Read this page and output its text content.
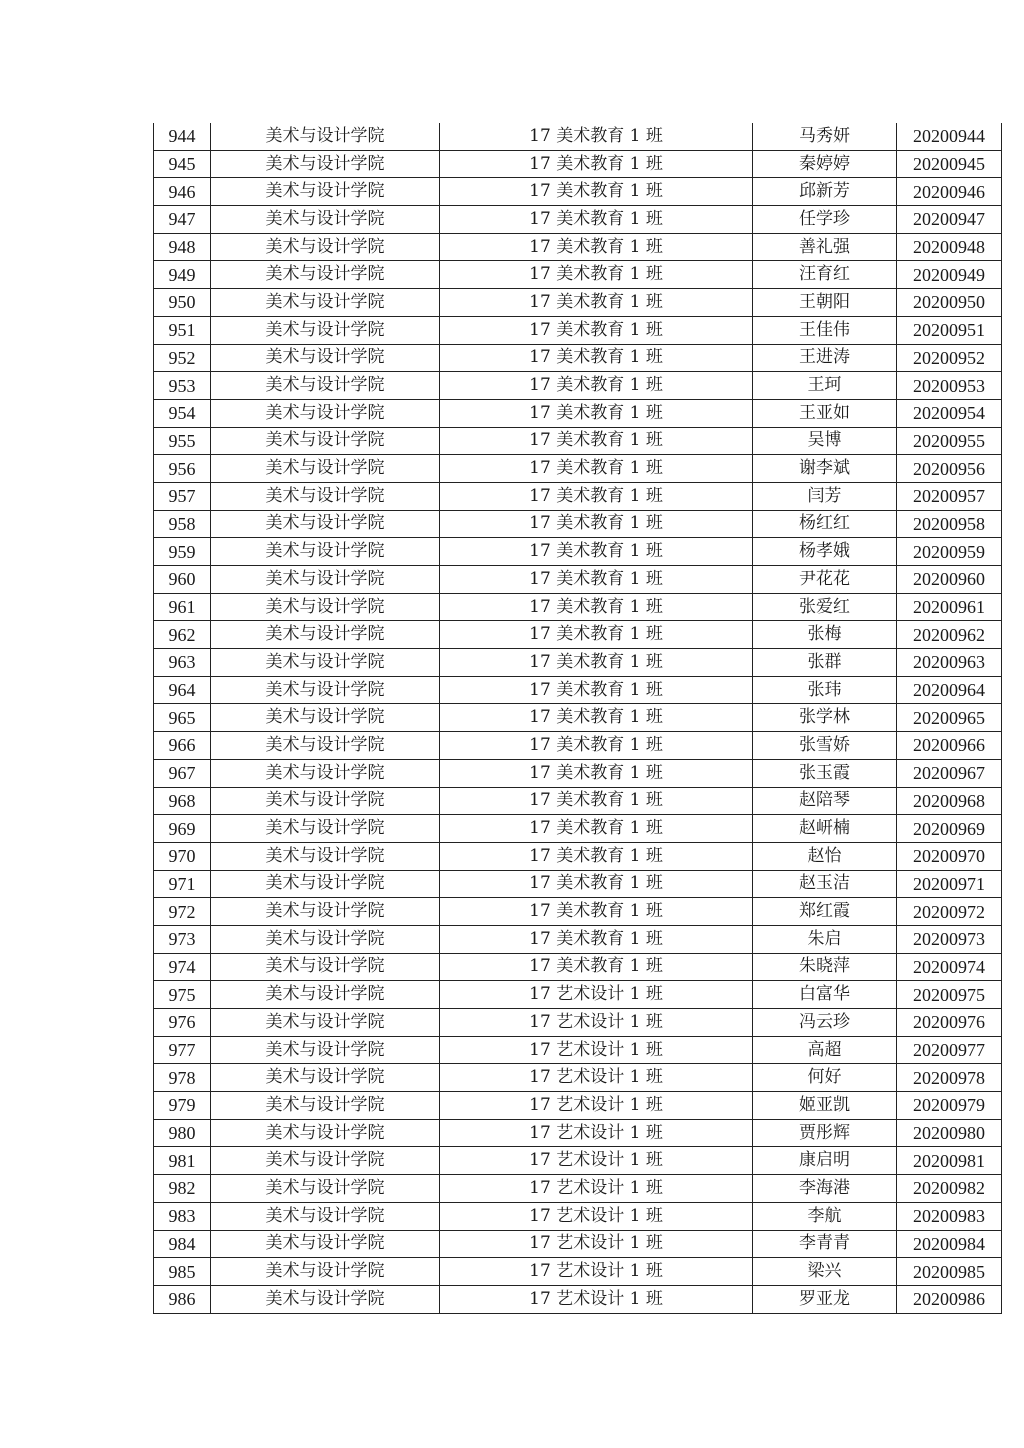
944	美术与设计学院	17 美术教育 1 班	马秀妍	20200944
945	美术与设计学院	17 美术教育 1 班	秦婷婷	20200945
946	美术与设计学院	17 美术教育 1 班	邱新芳	20200946
947	美术与设计学院	17 美术教育 1 班	任学珍	20200947
948	美术与设计学院	17 美术教育 1 班	善礼强	20200948
949	美术与设计学院	17 美术教育 1 班	汪育红	20200949
950	美术与设计学院	17 美术教育 1 班	王朝阳	20200950
951	美术与设计学院	17 美术教育 1 班	王佳伟	20200951
952	美术与设计学院	17 美术教育 1 班	王进涛	20200952
953	美术与设计学院	17 美术教育 1 班	王珂	20200953
954	美术与设计学院	17 美术教育 1 班	王亚如	20200954
955	美术与设计学院	17 美术教育 1 班	吴博	20200955
956	美术与设计学院	17 美术教育 1 班	谢李斌	20200956
957	美术与设计学院	17 美术教育 1 班	闫芳	20200957
958	美术与设计学院	17 美术教育 1 班	杨红红	20200958
959	美术与设计学院	17 美术教育 1 班	杨孝娥	20200959
960	美术与设计学院	17 美术教育 1 班	尹花花	20200960
961	美术与设计学院	17 美术教育 1 班	张爱红	20200961
962	美术与设计学院	17 美术教育 1 班	张梅	20200962
963	美术与设计学院	17 美术教育 1 班	张群	20200963
964	美术与设计学院	17 美术教育 1 班	张玮	20200964
965	美术与设计学院	17 美术教育 1 班	张学林	20200965
966	美术与设计学院	17 美术教育 1 班	张雪娇	20200966
967	美术与设计学院	17 美术教育 1 班	张玉霞	20200967
968	美术与设计学院	17 美术教育 1 班	赵陪琴	20200968
969	美术与设计学院	17 美术教育 1 班	赵岍楠	20200969
970	美术与设计学院	17 美术教育 1 班	赵怡	20200970
971	美术与设计学院	17 美术教育 1 班	赵玉洁	20200971
972	美术与设计学院	17 美术教育 1 班	郑红霞	20200972
973	美术与设计学院	17 美术教育 1 班	朱启	20200973
974	美术与设计学院	17 美术教育 1 班	朱晓萍	20200974
975	美术与设计学院	17 艺术设计 1 班	白富华	20200975
976	美术与设计学院	17 艺术设计 1 班	冯云珍	20200976
977	美术与设计学院	17 艺术设计 1 班	高超	20200977
978	美术与设计学院	17 艺术设计 1 班	何好	20200978
979	美术与设计学院	17 艺术设计 1 班	姬亚凯	20200979
980	美术与设计学院	17 艺术设计 1 班	贾彤辉	20200980
981	美术与设计学院	17 艺术设计 1 班	康启明	20200981
982	美术与设计学院	17 艺术设计 1 班	李海港	20200982
983	美术与设计学院	17 艺术设计 1 班	李航	20200983
984	美术与设计学院	17 艺术设计 1 班	李青青	20200984
985	美术与设计学院	17 艺术设计 1 班	梁兴	20200985
986	美术与设计学院	17 艺术设计 1 班	罗亚龙	20200986
